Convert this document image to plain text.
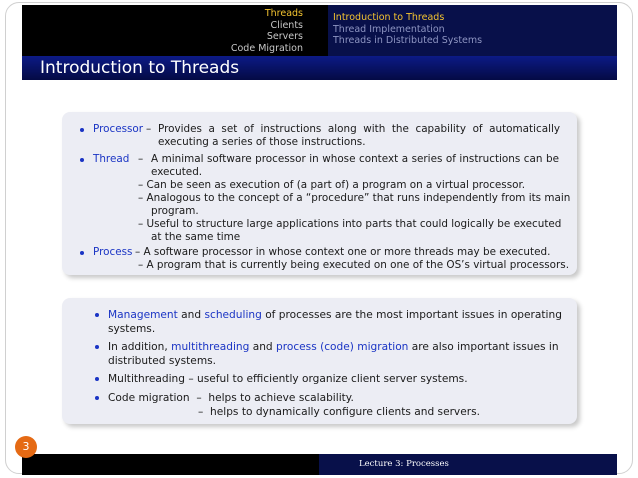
Threads
Clients
Servers
Code Migration
Introduction to Threads
Thread Implementation
Threads in Distributed Systems
Introduction to Threads
Processor – Provides a set of instructions along with the capability of automatically
executing a series of those instructions.
Thread – A minimal software processor in whose context a series of instructions can be
executed.
– Can be seen as execution of (a part of) a program on a virtual processor.
– Analogous to the concept of a “procedure” that runs independently from its main
program.
– Useful to structure large applications into parts that could logically be executed
at the same time
Process – A software processor in whose context one or more threads may be executed.
– A program that is currently being executed on one of the OS’s virtual processors.
Management and scheduling of processes are the most important issues in operating
systems.
In addition, multithreading and process (code) migration are also important issues in
distributed systems.
Multithreading – useful to efficiently organize client server systems.
Code migration  –  helps to achieve scalability.
–  helps to dynamically configure clients and servers.
3
Lecture 3: Processes
